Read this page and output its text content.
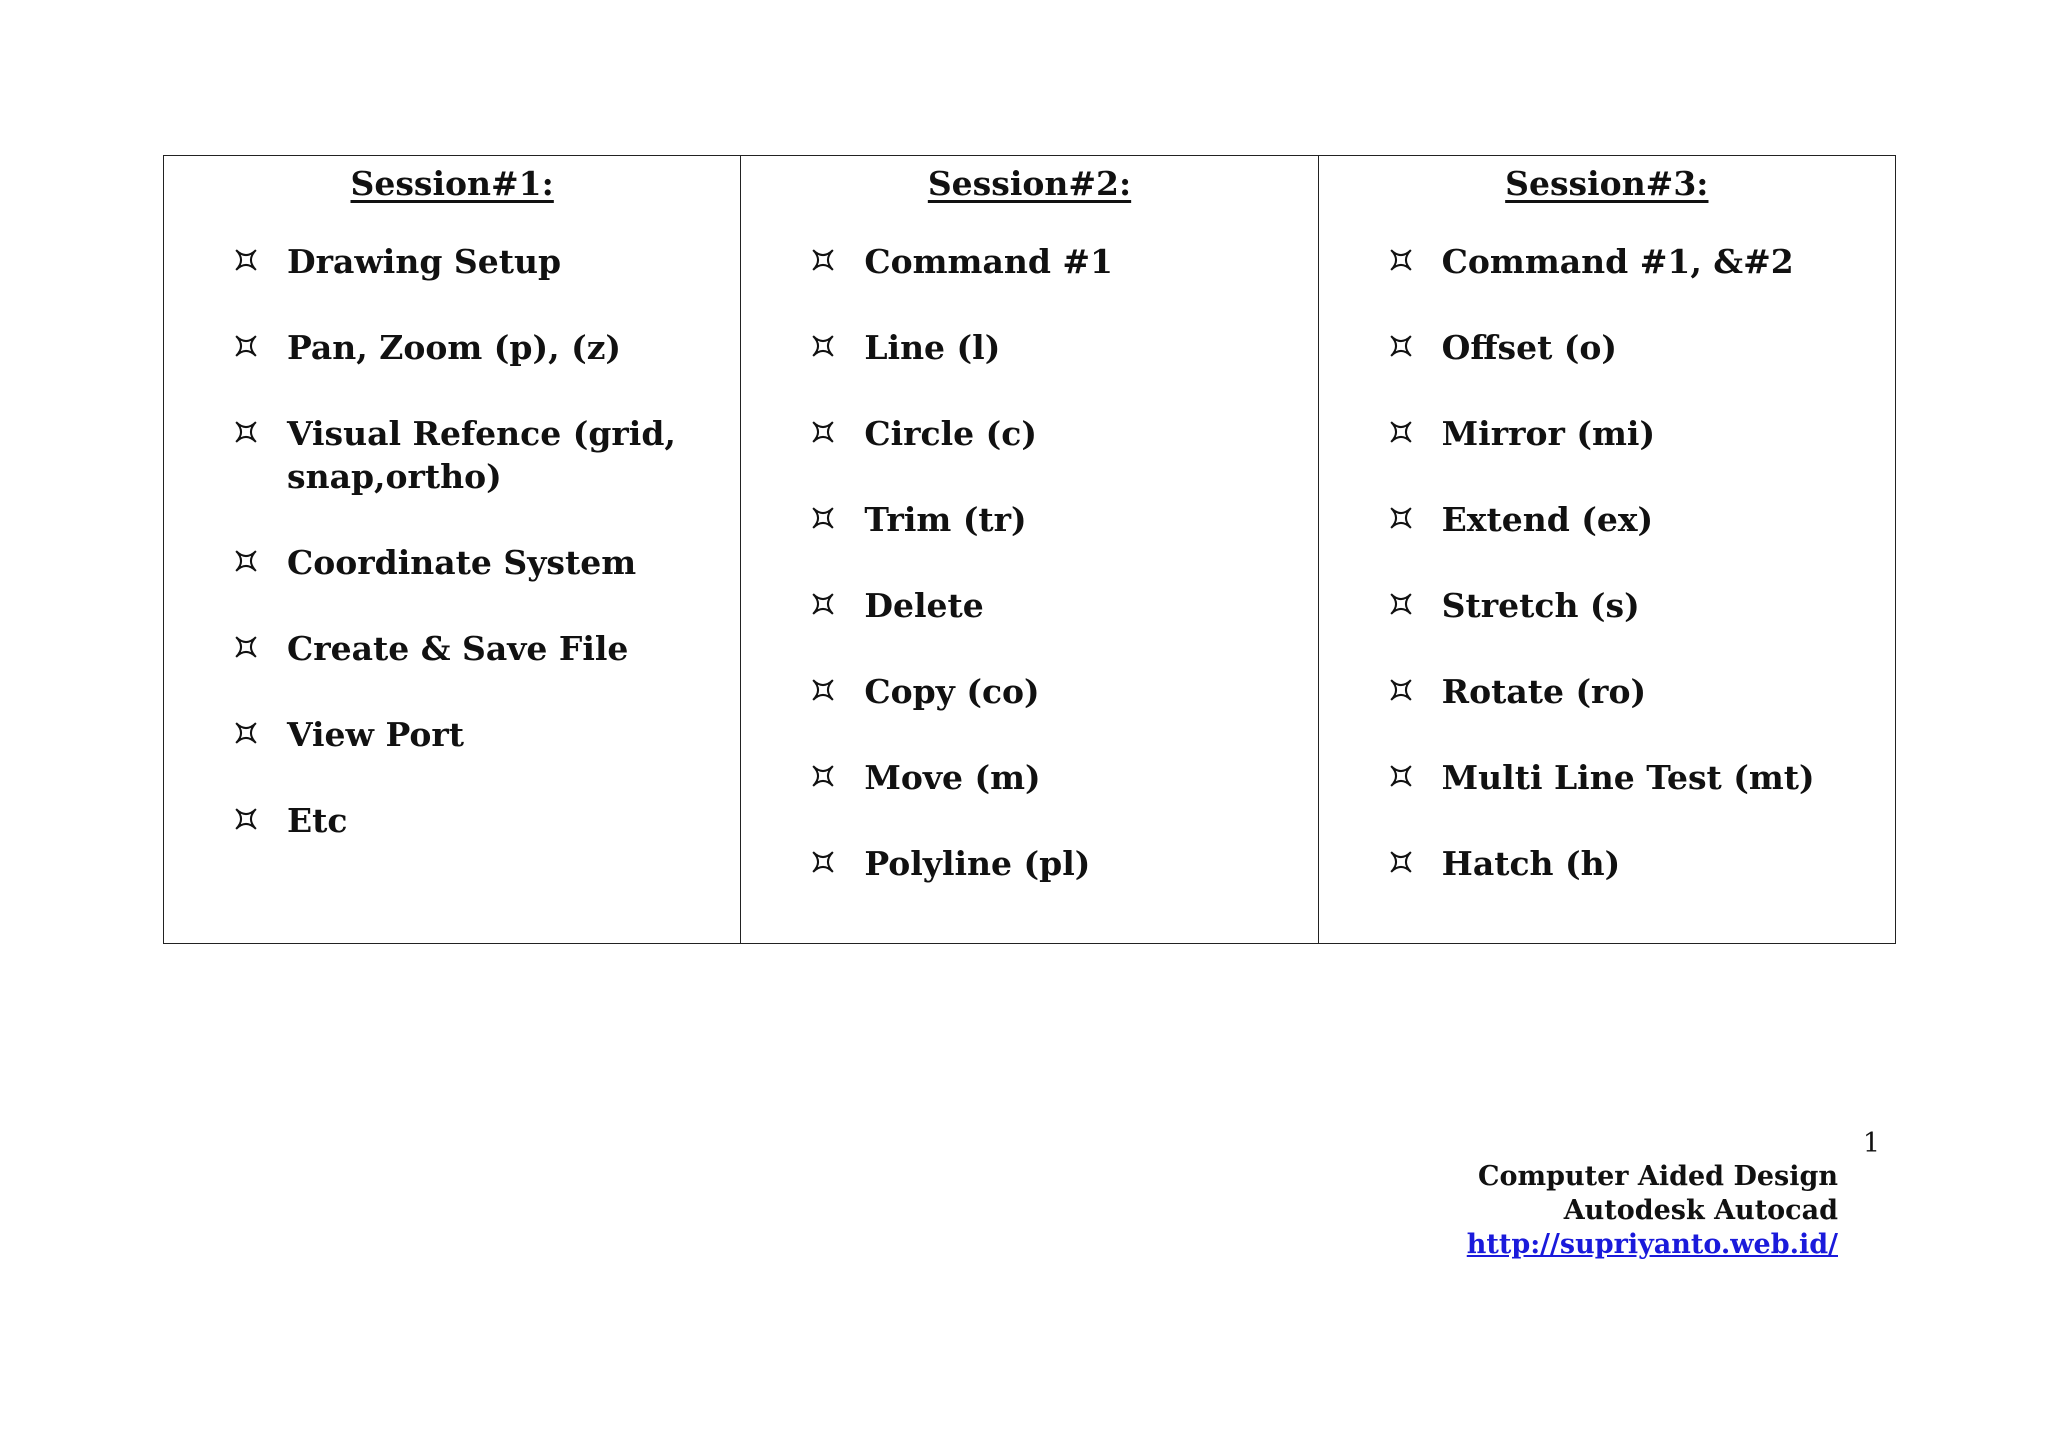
Session#1:
Drawing Setup
Pan, Zoom (p), (z)
Visual Refence (grid, snap,ortho)
Coordinate System
Create & Save File
View Port
Etc

Session#2:
Command #1
Line (l)
Circle (c)
Trim (tr)
Delete
Copy (co)
Move (m)
Polyline (pl)

Session#3:
Command #1, &#2
Offset (o)
Mirror (mi)
Extend (ex)
Stretch (s)
Rotate (ro)
Multi Line Test (mt)
Hatch (h)
1
Computer Aided Design
Autodesk Autocad
http://supriyanto.web.id/
